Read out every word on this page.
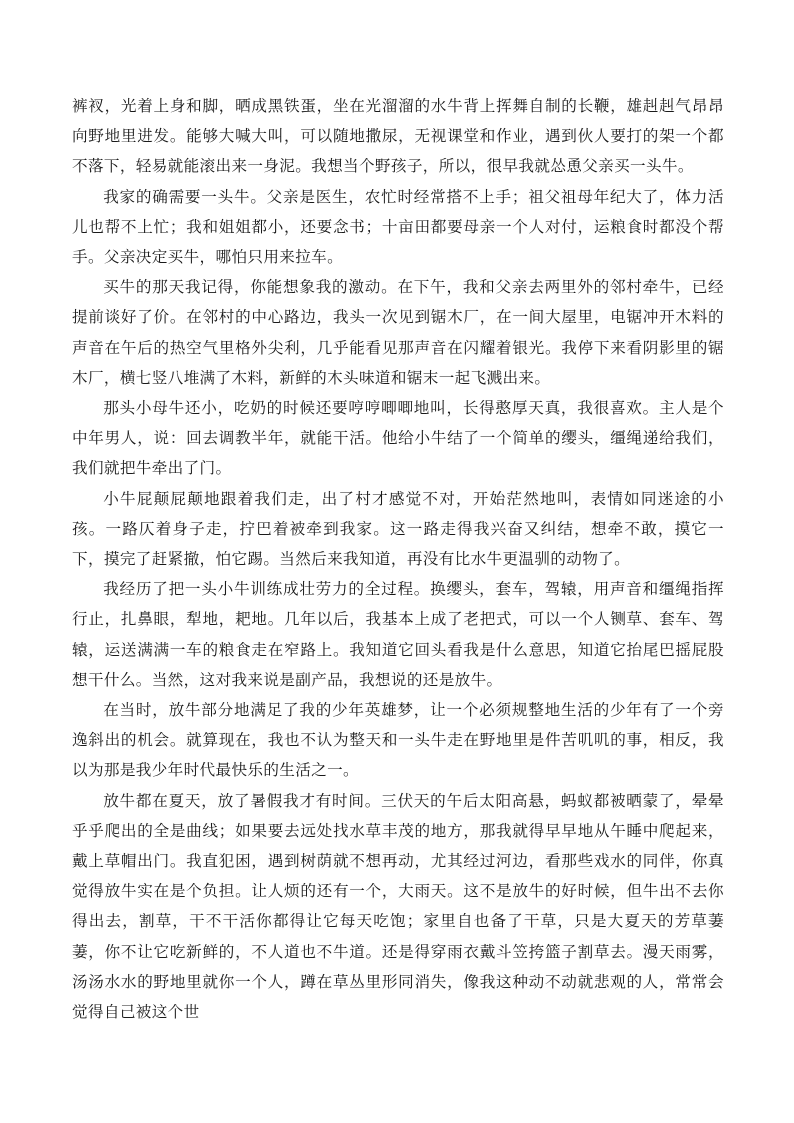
裤衩，光着上身和脚，晒成黑铁蛋，坐在光溜溜的水牛背上挥舞自制的长鞭，雄赳赳气昂昂向野地里进发。能够大喊大叫，可以随地撒尿，无视课堂和作业，遇到伙人要打的架一个都不落下，轻易就能滚出来一身泥。我想当个野孩子，所以，很早我就怂恿父亲买一头牛。

我家的确需要一头牛。父亲是医生，农忙时经常搭不上手；祖父祖母年纪大了，体力活儿也帮不上忙；我和姐姐都小，还要念书；十亩田都要母亲一个人对付，运粮食时都没个帮手。父亲决定买牛，哪怕只用来拉车。

买牛的那天我记得，你能想象我的激动。在下午，我和父亲去两里外的邻村牵牛，已经提前谈好了价。在邻村的中心路边，我头一次见到锯木厂，在一间大屋里，电锯冲开木料的声音在午后的热空气里格外尖利，几乎能看见那声音在闪耀着银光。我停下来看阴影里的锯木厂，横七竖八堆满了木料，新鲜的木头味道和锯末一起飞溅出来。

那头小母牛还小，吃奶的时候还要哼哼唧唧地叫，长得憨厚天真，我很喜欢。主人是个中年男人，说：回去调教半年，就能干活。他给小牛结了一个简单的缨头，缰绳递给我们，我们就把牛牵出了门。

小牛屁颠屁颠地跟着我们走，出了村才感觉不对，开始茫然地叫，表情如同迷途的小孩。一路仄着身子走，拧巴着被牵到我家。这一路走得我兴奋又纠结，想牵不敢，摸它一下，摸完了赶紧撤，怕它踢。当然后来我知道，再没有比水牛更温驯的动物了。

我经历了把一头小牛训练成壮劳力的全过程。换缨头，套车，驾辕，用声音和缰绳指挥行止，扎鼻眼，犁地，耙地。几年以后，我基本上成了老把式，可以一个人铡草、套车、驾辕，运送满满一车的粮食走在窄路上。我知道它回头看我是什么意思，知道它抬尾巴摇屁股想干什么。当然，这对我来说是副产品，我想说的还是放牛。

在当时，放牛部分地满足了我的少年英雄梦，让一个必须规整地生活的少年有了一个旁逸斜出的机会。就算现在，我也不认为整天和一头牛走在野地里是件苦叽叽的事，相反，我以为那是我少年时代最快乐的生活之一。

放牛都在夏天，放了暑假我才有时间。三伏天的午后太阳高悬，蚂蚁都被晒蒙了，晕晕乎乎爬出的全是曲线；如果要去远处找水草丰茂的地方，那我就得早早地从午睡中爬起来，戴上草帽出门。我直犯困，遇到树荫就不想再动，尤其经过河边，看那些戏水的同伴，你真觉得放牛实在是个负担。让人烦的还有一个，大雨天。这不是放牛的好时候，但牛出不去你得出去，割草，干不干活你都得让它每天吃饱；家里自也备了干草，只是大夏天的芳草萋萋，你不让它吃新鲜的，不人道也不牛道。还是得穿雨衣戴斗笠挎篮子割草去。漫天雨雾，汤汤水水的野地里就你一个人，蹲在草丛里形同消失，像我这种动不动就悲观的人，常常会觉得自己被这个世
